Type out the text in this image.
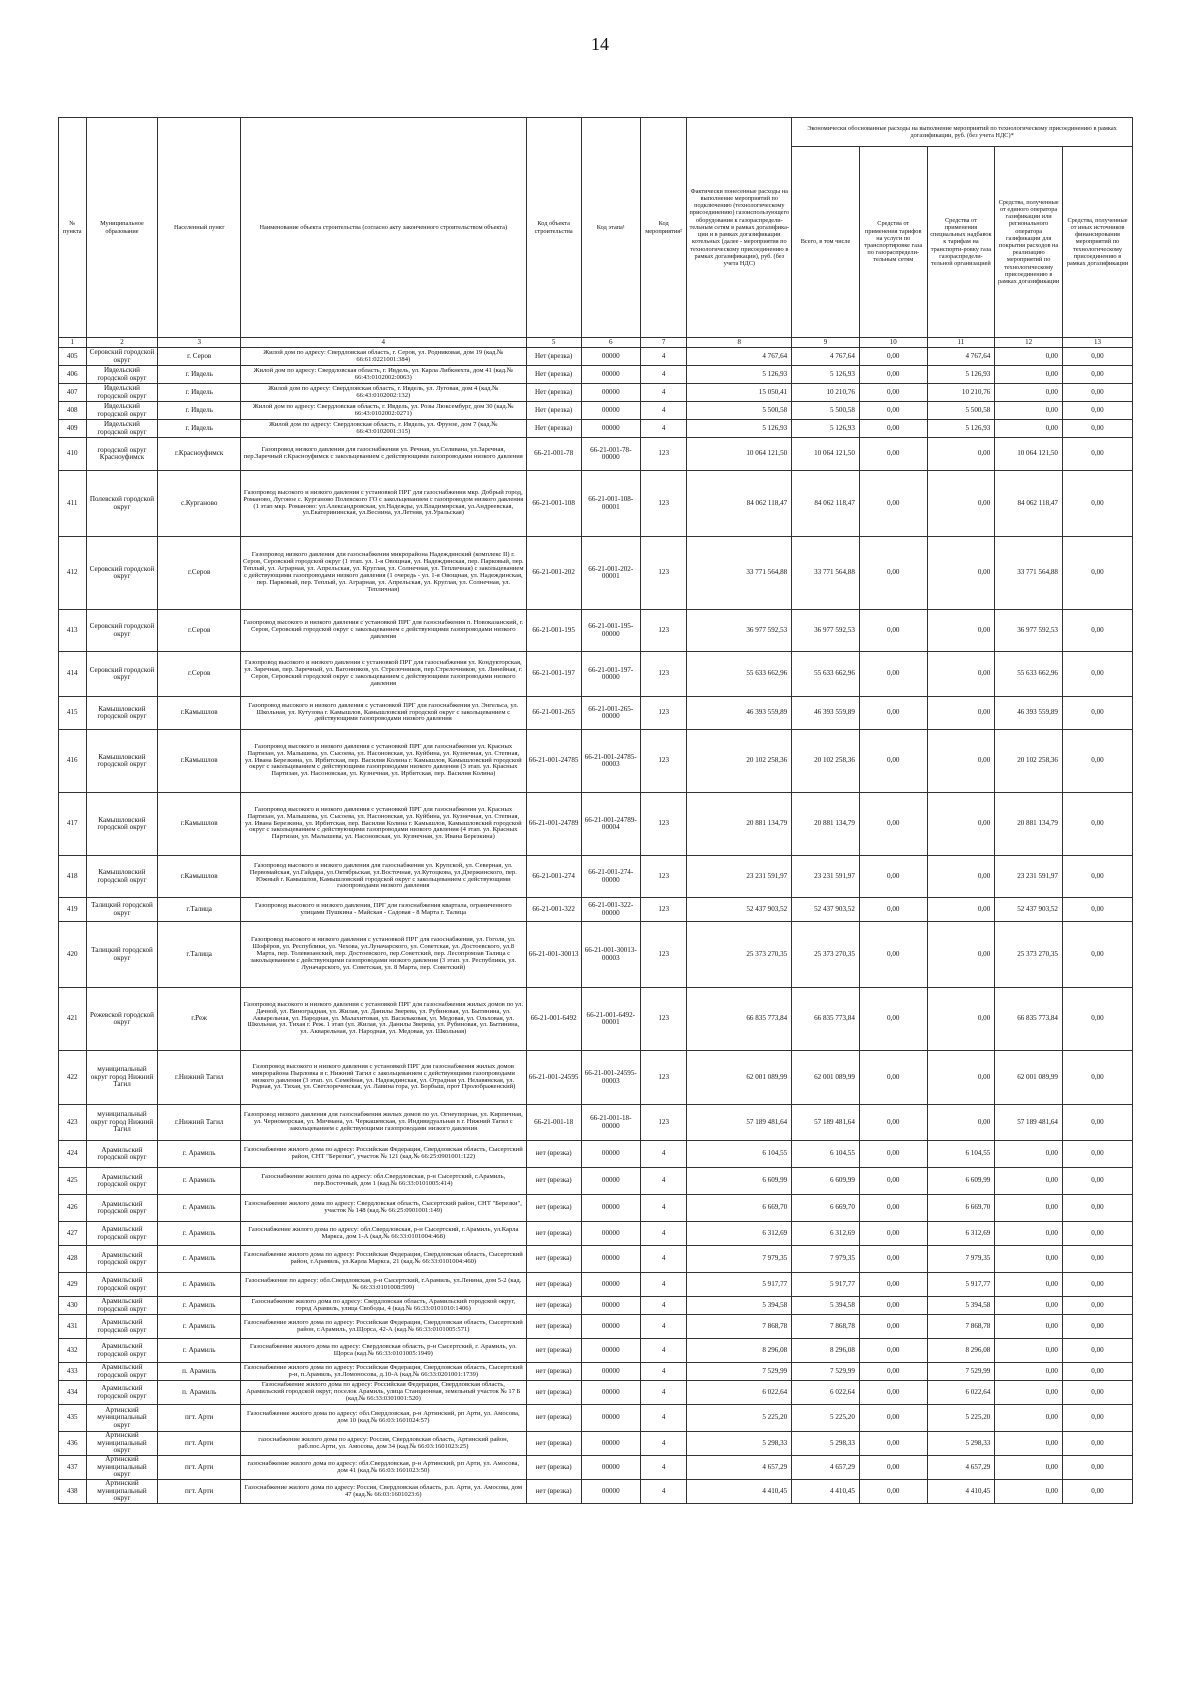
14
№ пункта	Муниципальное образование	Населенный пункт	Наименование объекта строительства (согласно акту законченного строительством объекта)	Код объекта строительства	Код этапа¹	Код мероприятия²	Фактически понесенные расходы на выполнение мероприятий по подключению (технологическому присоединению) газоиспользующего оборудования к газораспредели-тельным сетям в рамках догазифика-ции и в рамках догазификации котельных (далее - мероприятия по технологическому присоединению в рамках догазификации), руб. (без учета НДС)	Экономически обоснованные расходы на выполнение мероприятий по технологическому присоединению в рамках догазификации, руб. (без учета НДС)*				
								Всего, в том числе	Средства от применения тарифов на услуги по транспортировке газа по газораспредели-тельным сетям	Средства от применения специальных надбавок к тарифам на транспорти-ровку газа газораспредели-тельной организацией	Средства, полученные от единого оператора газификации или регионального оператора газификации для покрытия расходов на реализацию мероприятий по технологическому присоединению в рамках догазификации	Средства, полученные от иных источников финансирования мероприятий по технологическому присоединению в рамках догазификации
1	2	3	4	5	6	7	8	9	10	11	12	13
405	Серовский городской округ	г. Серов	Жилой дом по адресу: Свердловская область, г. Серов, ул. Родниковая, дом 19 (кад.№ 66:61:0221001:384)	Нет (врезка)	00000	4	4 767,64	4 767,64	0,00	4 767,64	0,00	0,00
406	Ивдельский городской округ	г. Ивдель	Жилой дом по адресу: Свердловская область, г. Ивдель, ул. Карла Либкнехта, дом 41 (кад.№ 66:43:0102002:0063)	Нет (врезка)	00000	4	5 126,93	5 126,93	0,00	5 126,93	0,00	0,00
407	Ивдельский городской округ	г. Ивдель	Жилой дом по адресу: Свердловская область, г. Ивдель, ул. Луговая, дом 4 (кад.№ 66:43:0102002:132)	Нет (врезка)	00000	4	15 050,41	10 210,76	0,00	10 210,76	0,00	0,00
408	Ивдельский городской округ	г. Ивдель	Жилой дом по адресу: Свердловская область, г. Ивдель, ул. Розы Люксембург, дом 30 (кад.№ 66:43:0102002:0271)	Нет (врезка)	00000	4	5 500,58	5 500,58	0,00	5 500,58	0,00	0,00
409	Ивдельский городской округ	г. Ивдель	Жилой дом по адресу: Свердловская область, г. Ивдель, ул. Фрунзе, дом 7 (кад.№ 66:43:0102001:315)	Нет (врезка)	00000	4	5 126,93	5 126,93	0,00	5 126,93	0,00	0,00
410	городской округ Красноуфимск	г.Красноуфимск	Газопровод низкого давления для газоснабжения ул. Речная, ул.Селивана, ул.Заречная, пер.Заречный г.Красноуфимск с закольцеванием с действующими газопроводами низкого давления	66-21-001-78	66-21-001-78-00000	123	10 064 121,50	10 064 121,50	0,00	0,00	10 064 121,50	0,00
411	Полевской городской округ	с.Курганово	Газопровод высокого и низкого давления с установкой ПРГ для газоснабжения мкр. Добрый город, Романово, Луговое с. Курганово Полевского ГО с закольцеванием с газопроводом низкого давления (1 этап мкр. Романово: ул.Александровская, ул.Надежды, ул.Владимирская, ул.Андреевская, ул.Екатерининская, ул.Веснина, ул.Летняя, ул.Уральская)	66-21-001-108	66-21-001-108-00001	123	84 062 118,47	84 062 118,47	0,00	0,00	84 062 118,47	0,00
412	Серовский городской округ	г.Серов	Газопровод низкого давления для газоснабжения микрорайона Надеждинский (комплекс II) г. Серов, Серовский городской округ (1 этап. ул. 1-я Овощная, ул. Надеждинская, пер. Парковый, пер. Теплый, ул. Аграрная, ул. Апрельская, ул. Круглая, ул. Солнечная, ул. Тепличная) с закольцеванием с действующими газопроводами низкого давления (1 очередь - ул. 1-я Овощная, ул. Надеждинская, пер. Парковый, пер. Теплый, ул. Аграрная, ул. Апрельская, ул. Круглая, ул. Солнечная, ул. Тепличная)	66-21-001-202	66-21-001-202-00001	123	33 771 564,88	33 771 564,88	0,00	0,00	33 771 564,88	0,00
413	Серовский городской округ	г.Серов	Газопровод высокого и низкого давления с установкой ПРГ для газоснабжения п. Новоказанский, г. Серов, Серовский городской округ с закольцеванием с действующими газопроводами низкого давления	66-21-001-195	66-21-001-195-00000	123	36 977 592,53	36 977 592,53	0,00	0,00	36 977 592,53	0,00
414	Серовский городской округ	г.Серов	Газопровод высокого и низкого давления с установкой ПРГ для газоснабжения ул. Кондукторская, ул. Заречная, пер. Заречный, ул. Вагонников, ул. Стрелочников, пер.Стрелочников, ул. Линейная, г. Серов, Серовский городской округ с закольцеванием с действующими газопроводами низкого давления	66-21-001-197	66-21-001-197-00000	123	55 633 662,96	55 633 662,96	0,00	0,00	55 633 662,96	0,00
415	Камышловский городской округ	г.Камышлов	Газопровод высокого и низкого давления с установкой ПРГ для газоснабжения ул. Энгельса, ул. Школьная, ул. Кутузова г. Камышлов, Камышловский городской округ с закольцеванием с действующими газопроводами низкого давления	66-21-001-265	66-21-001-265-00000	123	46 393 559,89	46 393 559,89	0,00	0,00	46 393 559,89	0,00
416	Камышловский городской округ	г.Камышлов	Газопровод высокого и низкого давления с установкой ПРГ для газоснабжения ул. Красных Партизан, ул. Малышева, ул. Сысоева, ул. Насоновская, ул. Куйбина, ул. Кузнечная, ул. Степная, ул. Ивана Березкина, ул. Ирбитская, пер. Василия Колина г. Камышлов, Камышловский городской округ с закольцеванием с действующими газопроводами низкого давления (3 этап. ул. Красных Партизан, ул. Насоновская, ул. Кузнечная, ул. Ирбитская, пер. Василия Колина)	66-21-001-24785	66-21-001-24785-00003	123	20 102 258,36	20 102 258,36	0,00	0,00	20 102 258,36	0,00
417	Камышловский городской округ	г.Камышлов	Газопровод высокого и низкого давления с установкой ПРГ для газоснабжения ул. Красных Партизан, ул. Малышева, ул. Сысоева, ул. Насоновская, ул. Куйбина, ул. Кузнечная, ул. Степная, ул. Ивана Березкина, ул. Ирбитская, пер. Василия Колина г. Камышлов, Камышловский городской округ с закольцеванием с действующими газопроводами низкого давления (4 этап. ул. Красных Партизан, ул. Малышева, ул. Насоновская, ул. Кузнечная, ул. Ивана Березкина)	66-21-001-24789	66-21-001-24789-00004	123	20 881 134,79	20 881 134,79	0,00	0,00	20 881 134,79	0,00
418	Камышловский городской округ	г.Камышлов	Газопровод высокого и низкого давления для газоснабжения ул. Крупской, ул. Северная, ул. Первомайская, ул.Гайдара, ул.Октябрьская, ул.Восточная, ул.Кутоцкова, ул.Дзержинского, пер. Южный г. Камышлов, Камышловский городской округ с закольцеванием с действующими газопроводами низкого давления	66-21-001-274	66-21-001-274-00000	123	23 231 591,97	23 231 591,97	0,00	0,00	23 231 591,97	0,00
419	Талицкий городской округ	г.Талица	Газопровод высокого и низкого давления, ПРГ для газоснабжения квартала, ограниченного улицами Пушкина - Майская - Садовая - 8 Марта г. Талица	66-21-001-322	66-21-001-322-00000	123	52 437 903,52	52 437 903,52	0,00	0,00	52 437 903,52	0,00
420	Талицкий городской округ	г.Талица	Газопровод высокого и низкого давления с установкой ПРГ для газоснабжения, ул. Гоголя, ул. Шофёров, ул. Республики, ул. Чехова, ул.Луначарского, ул. Советская, ул. Достоевского, ул.8 Марта, пер. Толевязанский, пер. Достоевского, пер.Советский, пер. Лесопромзав Талица с закольцеванием с действующими газопроводами низкого давления (3 этап. ул. Республики, ул. Луначарского, ул. Советская, ул. 8 Марта, пер. Советский)	66-21-001-30013	66-21-001-30013-00003	123	25 373 270,35	25 373 270,35	0,00	0,00	25 373 270,35	0,00
421	Режевской городской округ	г.Реж	Газопровод высокого и низкого давления с установкой ПРГ для газоснабжения жилых домов по ул. Дачной, ул. Виноградная, ул. Жилая, ул. Данилы Зверева, ул. Рубиновая, ул. Бытинина, ул. Акварельная, ул. Народная, ул. Малахитовая, ул. Васильковая, ул. Медовая, ул. Ольховая, ул. Школьная, ул. Тихая г. Реж. 1 этап (ул. Жилая, ул. Данилы Зверева, ул. Рубиновая, ул. Бытинина, ул. Акварельная, ул. Народная, ул. Медовая, ул. Школьная)	66-21-001-6492	66-21-001-6492-00001	123	66 835 773,84	66 835 773,84	0,00	0,00	66 835 773,84	0,00
422	муниципальный округ город Нижний Тагил	г.Нижний Тагил	Газопровод высокого и низкого давления с установкой ПРГ для газоснабжения жилых домов микрорайона Пырловка в г. Нижний Тагил с закольцеванием с действующими газопроводами низкого давления (3 этап. ул. Семейная, ул. Надеждинская, ул. Отрадная ул. Нелавянская, ул. Родная, ул. Тихая, ул. Светлореченская, ул. Лавина гора, ул. Борбыш, прот Пролображенский)	66-21-001-24595	66-21-001-24595-00003	123	62 001 089,99	62 001 089,99	0,00	0,00	62 001 089,99	0,00
423	муниципальный округ город Нижний Тагил	г.Нижний Тагил	Газопровод низкого давления для газоснабжения жилых домов по ул. Огнеупорная, ул. Кирпичная, ул. Черноморская, ул. Мичмана, ул. Черкашевская, ул. Индивидуальная в г. Нижний Тагил с закольцеванием с действующими газопроводами низкого давления	66-21-001-18	66-21-001-18-00000	123	57 189 481,64	57 189 481,64	0,00	0,00	57 189 481,64	0,00
424	Арамильский городской округ	г. Арамиль	Газоснабжение жилого дома по адресу: Российская Федерация, Свердловская область, Сысертский район, СНТ "Березки", участок № 121 (кад.№ 66:25:0901001:122)	нет (врезка)	00000	4	6 104,55	6 104,55	0,00	6 104,55	0,00	0,00
425	Арамильский городской округ	г. Арамиль	Газоснабжение жилого дома по адресу: обл.Свердловская, р-н Сысертский, г.Арамиль, пер.Восточный, дом 1 (кад.№ 66:33:0101005:414)	нет (врезка)	00000	4	6 609,99	6 609,99	0,00	6 609,99	0,00	0,00
426	Арамильский городской округ	г. Арамиль	Газоснабжение жилого дома по адресу: Свердловская область, Сысертский район, СНТ "Березки", участок № 148 (кад.№ 66:25:0901001:149)	нет (врезка)	00000	4	6 669,70	6 669,70	0,00	6 669,70	0,00	0,00
427	Арамильский городской округ	г. Арамиль	Газоснабжение жилого дома по адресу: обл.Свердловская, р-н Сысертский, г.Арамиль, ул.Карла Маркса, дом 1-А (кад.№ 66:33:0101004:468)	нет (врезка)	00000	4	6 312,69	6 312,69	0,00	6 312,69	0,00	0,00
428	Арамильский городской округ	г. Арамиль	Газоснабжение жилого дома по адресу: Российская Федерация, Свердловская область, Сысертский район, г.Арамиль, ул.Карла Маркса, 21 (кад.№ 66:33:0101004:460)	нет (врезка)	00000	4	7 979,35	7 979,35	0,00	7 979,35	0,00	0,00
429	Арамильский городской округ	г. Арамиль	Газоснабжение по адресу: обл.Свердловская, р-н Сысертский, г.Арамиль, ул.Ленина, дом 5-2 (кад.№ 66:33:0101008:599)	нет (врезка)	00000	4	5 917,77	5 917,77	0,00	5 917,77	0,00	0,00
430	Арамильский городской округ	г. Арамиль	Газоснабжение жилого дома по адресу: Свердловская область, Арамильский городской округ, город Арамиль, улица Свободы, 4 (кад.№ 66:33:0101010:1406)	нет (врезка)	00000	4	5 394,58	5 394,58	0,00	5 394,58	0,00	0,00
431	Арамильский городской округ	г. Арамиль	Газоснабжение жилого дома по адресу: Российская Федерация, Свердловская область, Сысертский район, г.Арамиль, ул.Щорса, 42-А (кад.№ 66:33:0101005:571)	нет (врезка)	00000	4	7 868,78	7 868,78	0,00	7 868,78	0,00	0,00
432	Арамильский городской округ	г. Арамиль	Газоснабжение жилого дома по адресу: Свердловская область, р-н Сысертский, г. Арамиль, ул. Щорса (кад.№ 66:33:0101005:1949)	нет (врезка)	00000	4	8 296,08	8 296,08	0,00	8 296,08	0,00	0,00
433	Арамильский городской округ	п. Арамиль	Газоснабжение жилого дома по адресу: Российская Федерация, Свердловская область, Сысертский р-н, п.Арамиль, ул.Ломоносова, д.10-А (кад.№ 66:33:0201001:1739)	нет (врезка)	00000	4	7 529,99	7 529,99	0,00	7 529,99	0,00	0,00
434	Арамильский городской округ	п. Арамиль	Газоснабжение жилого дома по адресу: Российская Федерация, Свердловская область, Арамильский городской округ, поселок Арамиль, улица Станционная, земельный участок № 17 Б (кад.№ 66:33:0301001:520)	нет (врезка)	00000	4	6 022,64	6 022,64	0,00	6 022,64	0,00	0,00
435	Артинский муниципальный округ	пгт. Арти	Газоснабжение жилого дома по адресу: обл.Свердловская, р-н Артинский, рп Арти, ул. Амосова, дом 10 (кад.№ 66:03:1601024:57)	нет (врезка)	00000	4	5 225,20	5 225,20	0,00	5 225,20	0,00	0,00
436	Артинский муниципальный округ	пгт. Арти	газоснабжение жилого дома по адресу: Россия, Свердловская область, Артинский район, раб.пос.Арти, ул. Амосова, дом 34 (кад.№ 66:03:1601023:25)	нет (врезка)	00000	4	5 298,33	5 298,33	0,00	5 298,33	0,00	0,00
437	Артинский муниципальный округ	пгт. Арти	газоснабжение жилого дома по адресу: обл.Свердловская, р-н Артинский, рп Арти, ул. Амосова, дом 41 (кад.№ 66:03:1601023:50)	нет (врезка)	00000	4	4 657,29	4 657,29	0,00	4 657,29	0,00	0,00
438	Артинский муниципальный округ	пгт. Арти	Газоснабжение жилого дома по адресу: Россия, Свердловская область, р.п. Арти, ул. Амосова, дом 47 (кад.№ 66:03:1601023:6)	нет (врезка)	00000	4	4 410,45	4 410,45	0,00	4 410,45	0,00	0,00
